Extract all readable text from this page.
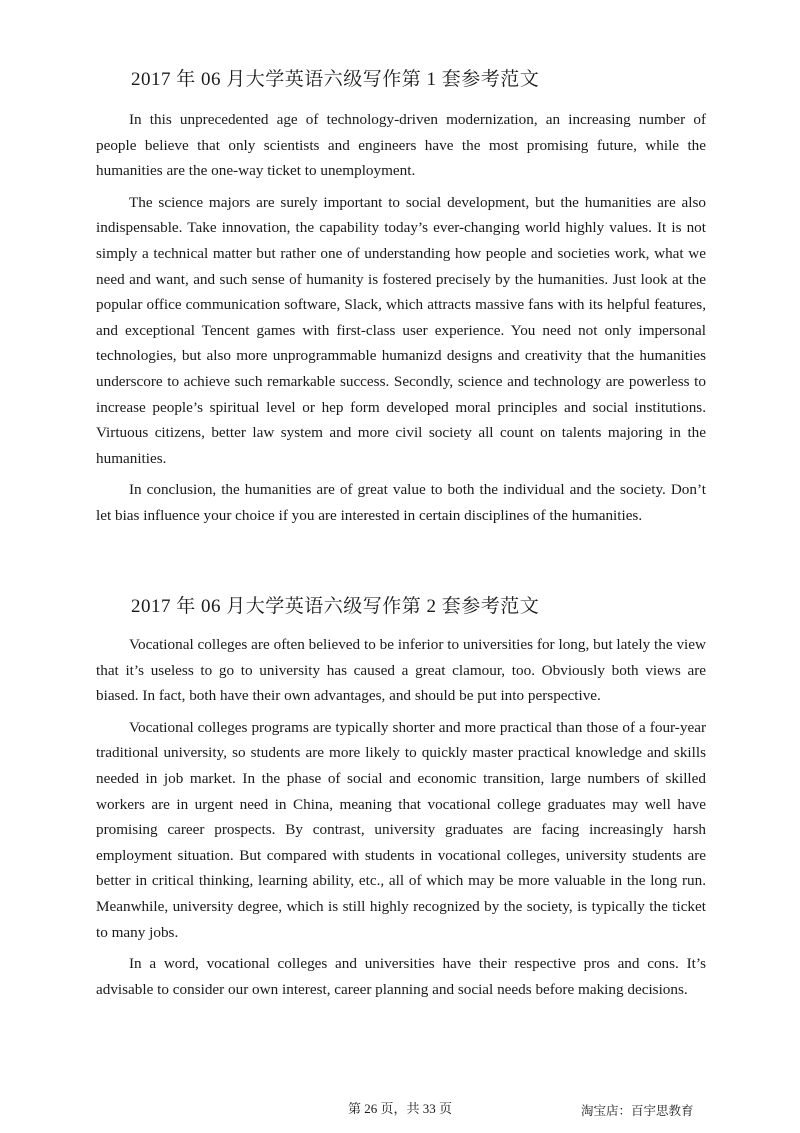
2017 年 06 月大学英语六级写作第 1 套参考范文

In this unprecedented age of technology-driven modernization, an increasing number of people believe that only scientists and engineers have the most promising future, while the humanities are the one-way ticket to unemployment.

The science majors are surely important to social development, but the humanities are also indispensable. Take innovation, the capability today’s ever-changing world highly values. It is not simply a technical matter but rather one of understanding how people and societies work, what we need and want, and such sense of humanity is fostered precisely by the humanities. Just look at the popular office communication software, Slack, which attracts massive fans with its helpful features, and exceptional Tencent games with first-class user experience. You need not only impersonal technologies, but also more unprogrammable humanizd designs and creativity that the humanities underscore to achieve such remarkable success. Secondly, science and technology are powerless to increase people’s spiritual level or hep form developed moral principles and social institutions. Virtuous citizens, better law system and more civil society all count on talents majoring in the humanities.

In conclusion, the humanities are of great value to both the individual and the society. Don’t let bias influence your choice if you are interested in certain disciplines of the humanities.

2017 年 06 月大学英语六级写作第 2 套参考范文

Vocational colleges are often believed to be inferior to universities for long, but lately the view that it’s useless to go to university has caused a great clamour, too. Obviously both views are biased. In fact, both have their own advantages, and should be put into perspective.

Vocational colleges programs are typically shorter and more practical than those of a four-year traditional university, so students are more likely to quickly master practical knowledge and skills needed in job market. In the phase of social and economic transition, large numbers of skilled workers are in urgent need in China, meaning that vocational college graduates may well have promising career prospects. By contrast, university graduates are facing increasingly harsh employment situation. But compared with students in vocational colleges, university students are better in critical thinking, learning ability, etc., all of which may be more valuable in the long run. Meanwhile, university degree, which is still highly recognized by the society, is typically the ticket to many jobs.

In a word, vocational colleges and universities have their respective pros and cons. It’s advisable to consider our own interest, career planning and social needs before making decisions.

第 26 页，共 33 页	淘宝店：百宇思教育
